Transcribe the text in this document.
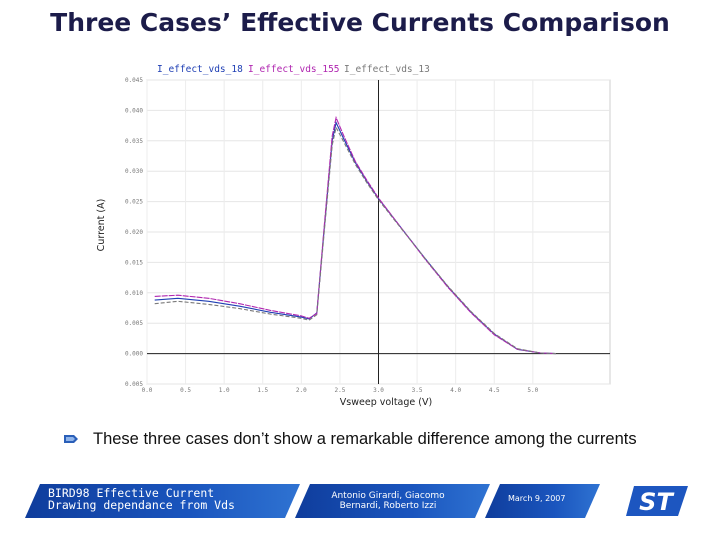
Three Cases’ Effective Currents Comparison
0.045
0.040
0.035
0.030
0.025
0.020
0.015
0.010
0.005
0.000
0.005
0.0	0.5	1.0	1.5	2.0	2.5	3.0	3.5	4.0	4.5	5.0
I_effect_vds_18 I_effect_vds_155 I_effect_vds_13
Current (A)
Vsweep voltage (V)
These three cases don’t show a remarkable difference among the currents
BIRD98 Effective Current
Drawing dependance from Vds
Antonio Girardi, Giacomo
Bernardi, Roberto Izzi
March 9, 2007	5 ST
